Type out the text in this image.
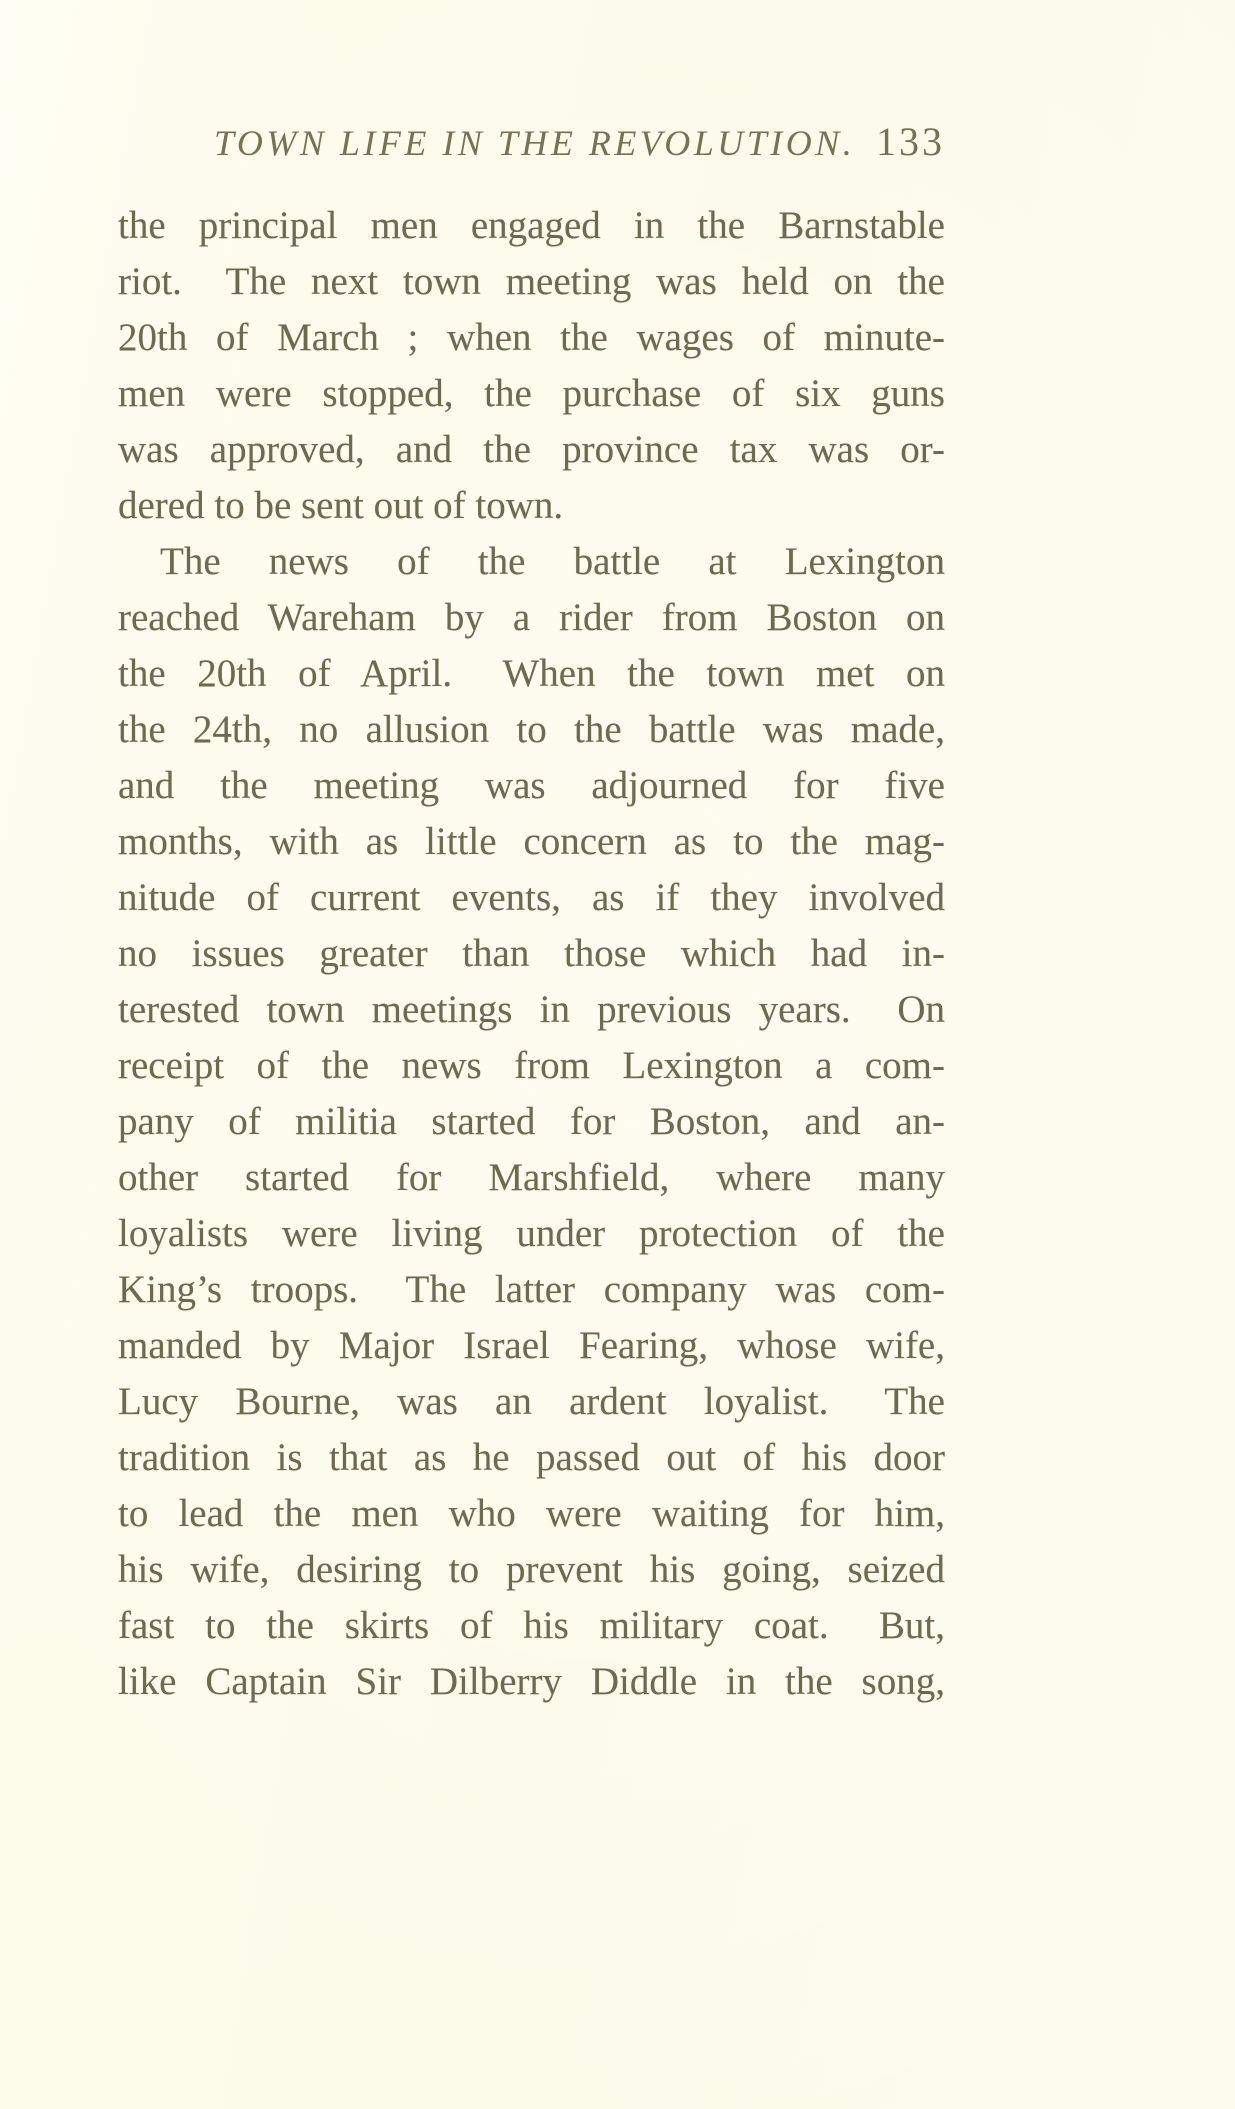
TOWN LIFE IN THE REVOLUTION. 133
the principal men engaged in the Barnstable
riot.  The next town meeting was held on the
20th of March ; when the wages of minute-
men were stopped, the purchase of six guns
was approved, and the province tax was or-
dered to be sent out of town.
The news of the battle at Lexington
reached Wareham by a rider from Boston on
the 20th of April.  When the town met on
the 24th, no allusion to the battle was made,
and the meeting was adjourned for five
months, with as little concern as to the mag-
nitude of current events, as if they involved
no issues greater than those which had in-
terested town meetings in previous years.  On
receipt of the news from Lexington a com-
pany of militia started for Boston, and an-
other started for Marshfield, where many
loyalists were living under protection of the
King’s troops.  The latter company was com-
manded by Major Israel Fearing, whose wife,
Lucy Bourne, was an ardent loyalist.  The
tradition is that as he passed out of his door
to lead the men who were waiting for him,
his wife, desiring to prevent his going, seized
fast to the skirts of his military coat.  But,
like Captain Sir Dilberry Diddle in the song,
